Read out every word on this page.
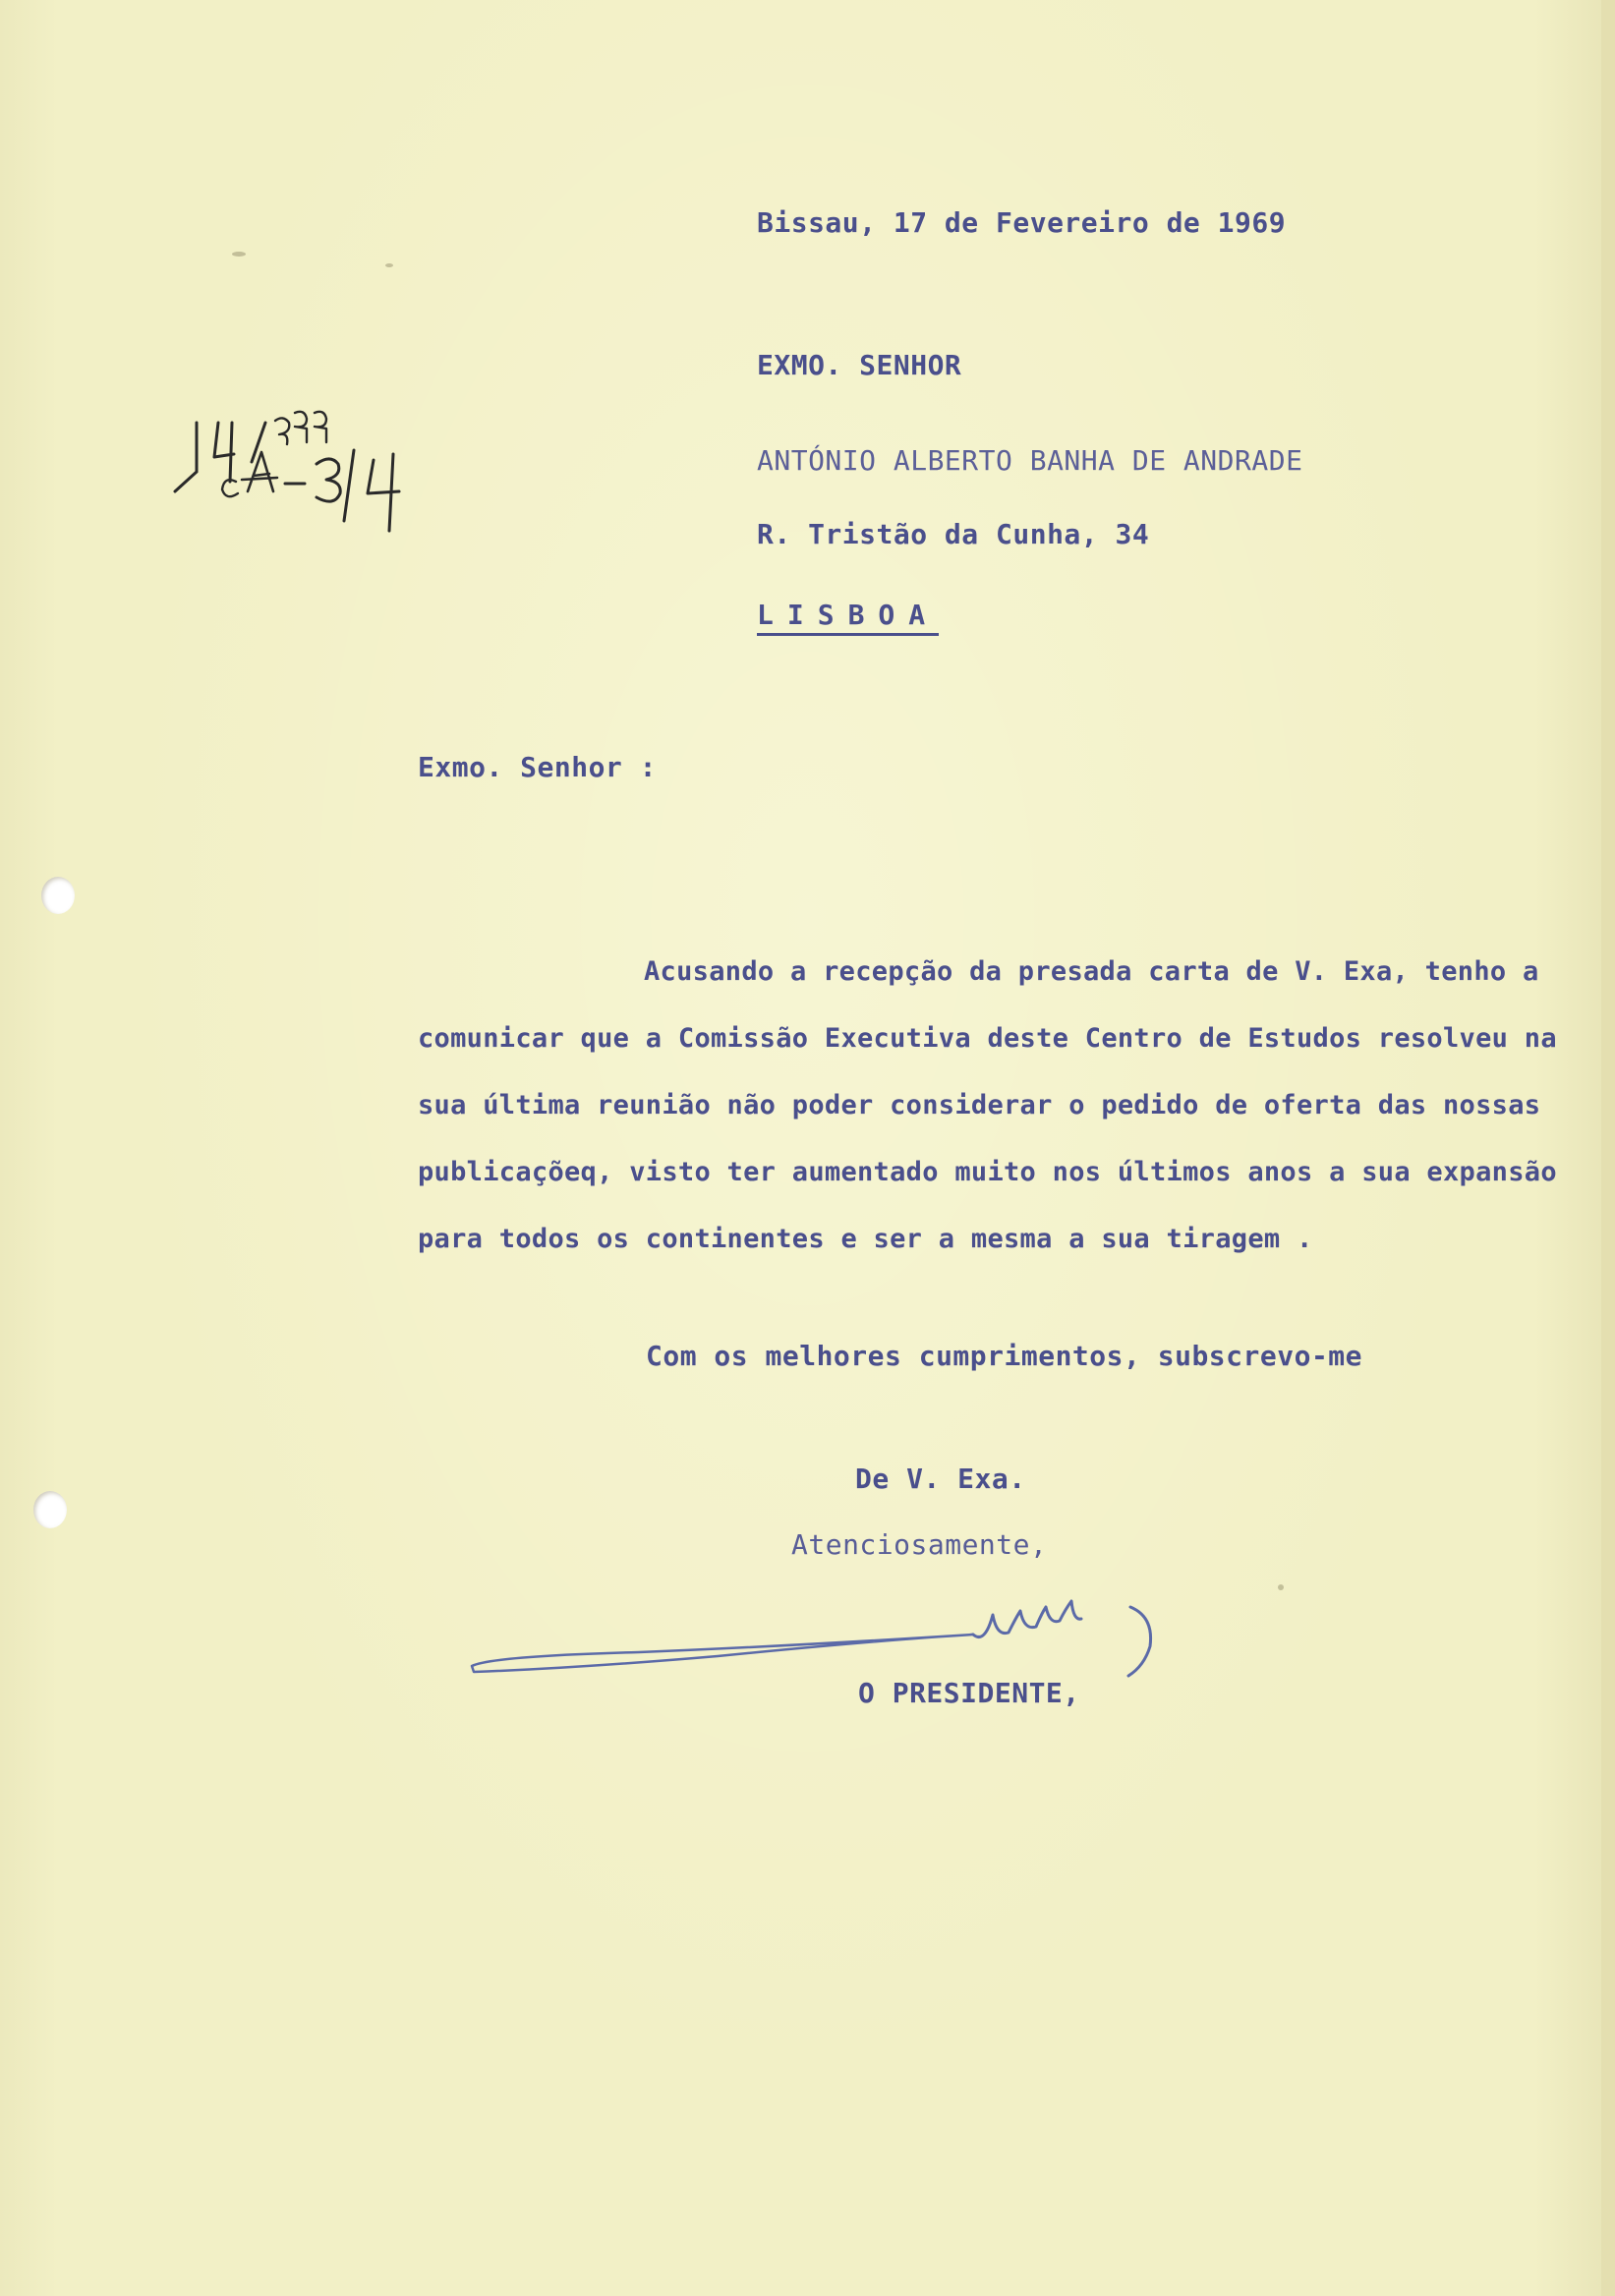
Bissau, 17 de Fevereiro de 1969
EXMO. SENHOR
ANTÓNIO ALBERTO BANHA DE ANDRADE
R. Tristão da Cunha, 34
LISBOA
Exmo. Senhor :
Acusando a recepção da presada carta de V. Exa, tenho a
comunicar que a Comissão Executiva deste Centro de Estudos resolveu na
sua última reunião não poder considerar o pedido de oferta das nossas
publicaçõeq, visto ter aumentado muito nos últimos anos a sua expansão
para todos os continentes e ser a mesma a sua tiragem .
Com os melhores cumprimentos, subscrevo-me
De V. Exa.
Atenciosamente,
O PRESIDENTE,
